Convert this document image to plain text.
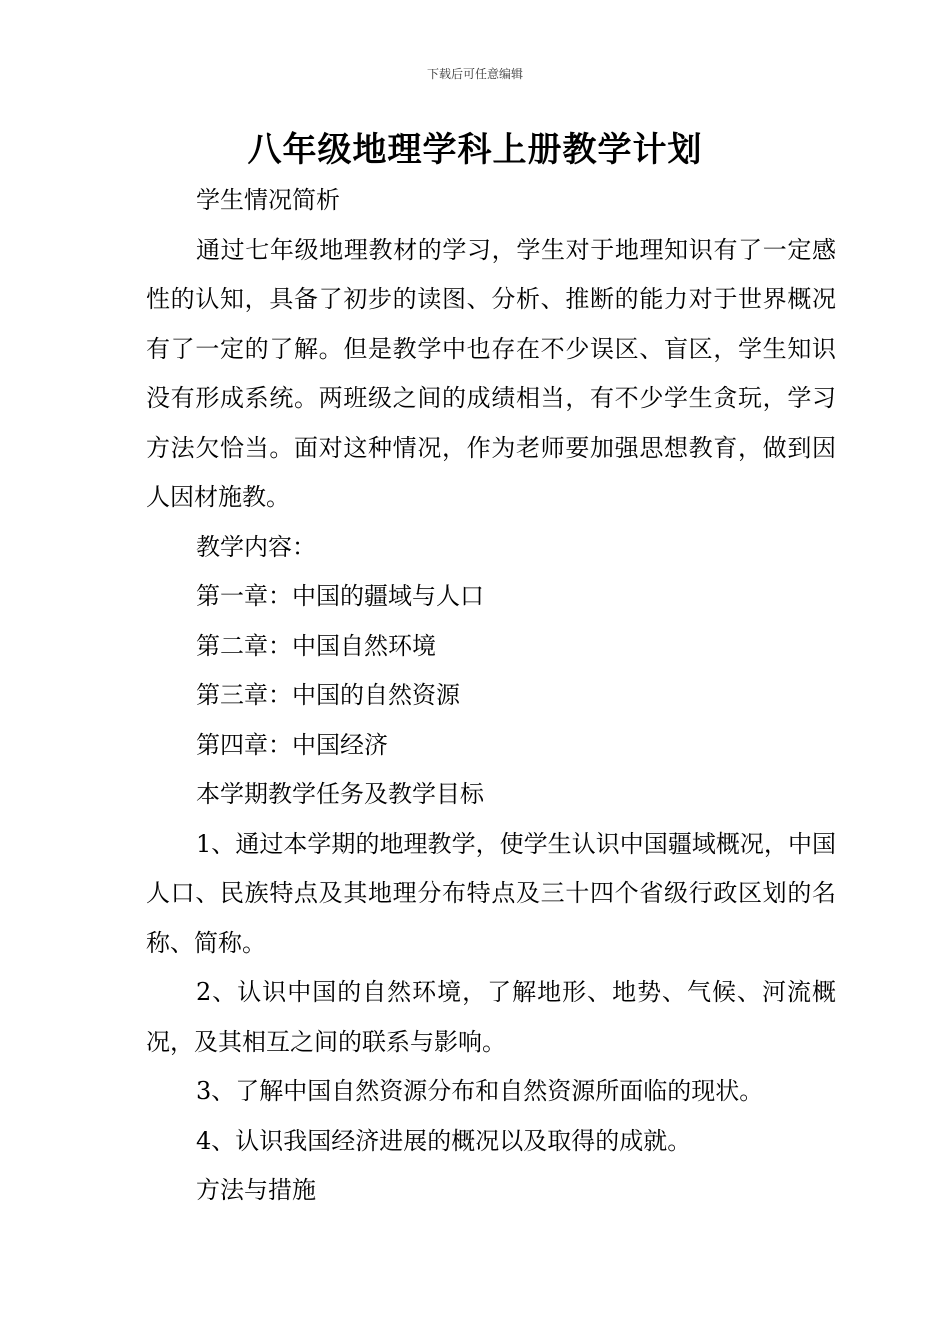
下载后可任意编辑
八年级地理学科上册教学计划

学生情况简析

通过七年级地理教材的学习，学生对于地理知识有了一定感性的认知，具备了初步的读图、分析、推断的能力对于世界概况有了一定的了解。但是教学中也存在不少误区、盲区，学生知识没有形成系统。两班级之间的成绩相当，有不少学生贪玩，学习方法欠恰当。面对这种情况，作为老师要加强思想教育，做到因人因材施教。

教学内容：

第一章：中国的疆域与人口

第二章：中国自然环境

第三章：中国的自然资源

第四章：中国经济

本学期教学任务及教学目标

1、通过本学期的地理教学，使学生认识中国疆域概况，中国人口、民族特点及其地理分布特点及三十四个省级行政区划的名称、简称。

2、认识中国的自然环境，了解地形、地势、气候、河流概况，及其相互之间的联系与影响。

3、了解中国自然资源分布和自然资源所面临的现状。

4、认识我国经济进展的概况以及取得的成就。

方法与措施
